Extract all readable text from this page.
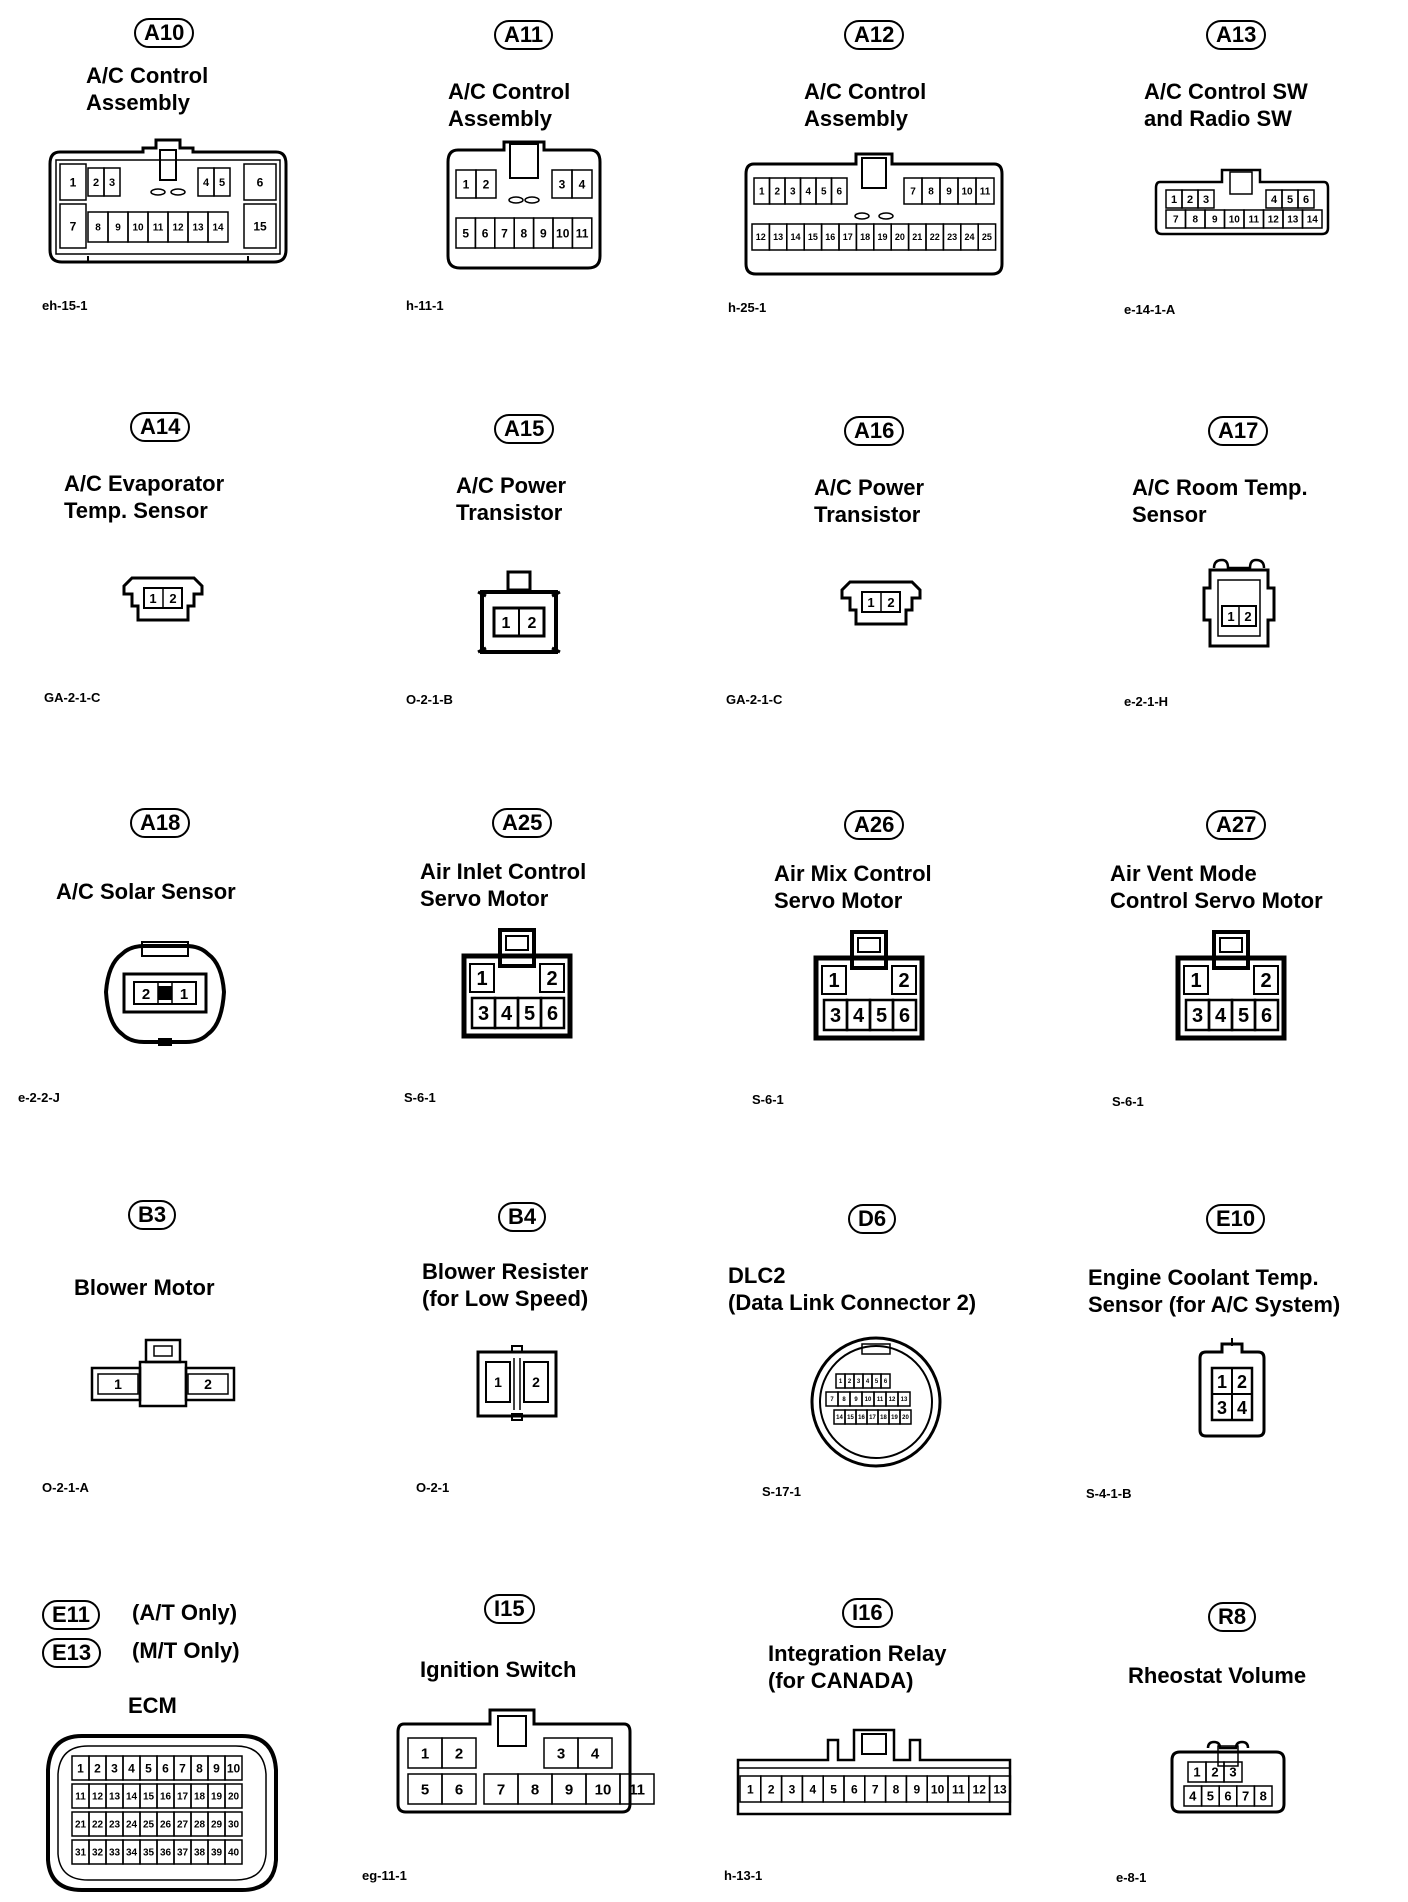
A10
A/C Control
Assembly
1 2 3	4 5	6
7 8 9 10 11 12 13 14 15
eh-15-1
A11
A/C Control
Assembly
1 2	3 4
5 6 7 8 9 10 11
h-11-1
A12
A/C Control
Assembly
1 2 3 4 5 6	7 8 9 10 11
12 13 14 15 16 17 18 19 20 21 22 23 24 25
h-25-1
A13
A/C Control SW
and Radio SW
1 2 3	4 5 6
7 8 9 10 11 12 13 14
e-14-1-A
A14
A/C Evaporator
Temp. Sensor
1 2
GA-2-1-C
A15
A/C Power
Transistor
1 2
O-2-1-B
A16
A/C Power
Transistor
1 2
GA-2-1-C
A17
A/C Room Temp.
Sensor
1 2
e-2-1-H
A18
A/C Solar Sensor
2 1
e-2-2-J
A25
Air Inlet Control
Servo Motor
1	2
3 4 5 6
S-6-1
A26
Air Mix Control
Servo Motor
1	2
3 4 5 6
S-6-1
A27
Air Vent Mode
Control Servo Motor
1	2
3 4 5 6
S-6-1
B3
Blower Motor
1	2
O-2-1-A
B4
Blower Resister
(for Low Speed)
1 2
O-2-1
D6
DLC2
(Data Link Connector 2)
1 2 3 4 5 6
7 8 9 10 11 12 13
14 15 16 17 18 19 20
S-17-1
E10
Engine Coolant Temp.
Sensor (for A/C System)
1 2
3 4
S-4-1-B
E11	(A/T Only)
E13	(M/T Only)
ECM
1 2 3 4 5 6 7 8 9 10
11 12 13 14 15 16 17 18 19 20
21 22 23 24 25 26 27 28 29 30
31 32 33 34 35 36 37 38 39 40
I15
Ignition Switch
1 2	3 4
5 6 7 8 9 10 11
eg-11-1
I16
Integration Relay
(for CANADA)
1 2 3 4 5 6 7 8 9 10 11 12 13
h-13-1
R8
Rheostat Volume
1 2 3
4 5 6 7 8
e-8-1
